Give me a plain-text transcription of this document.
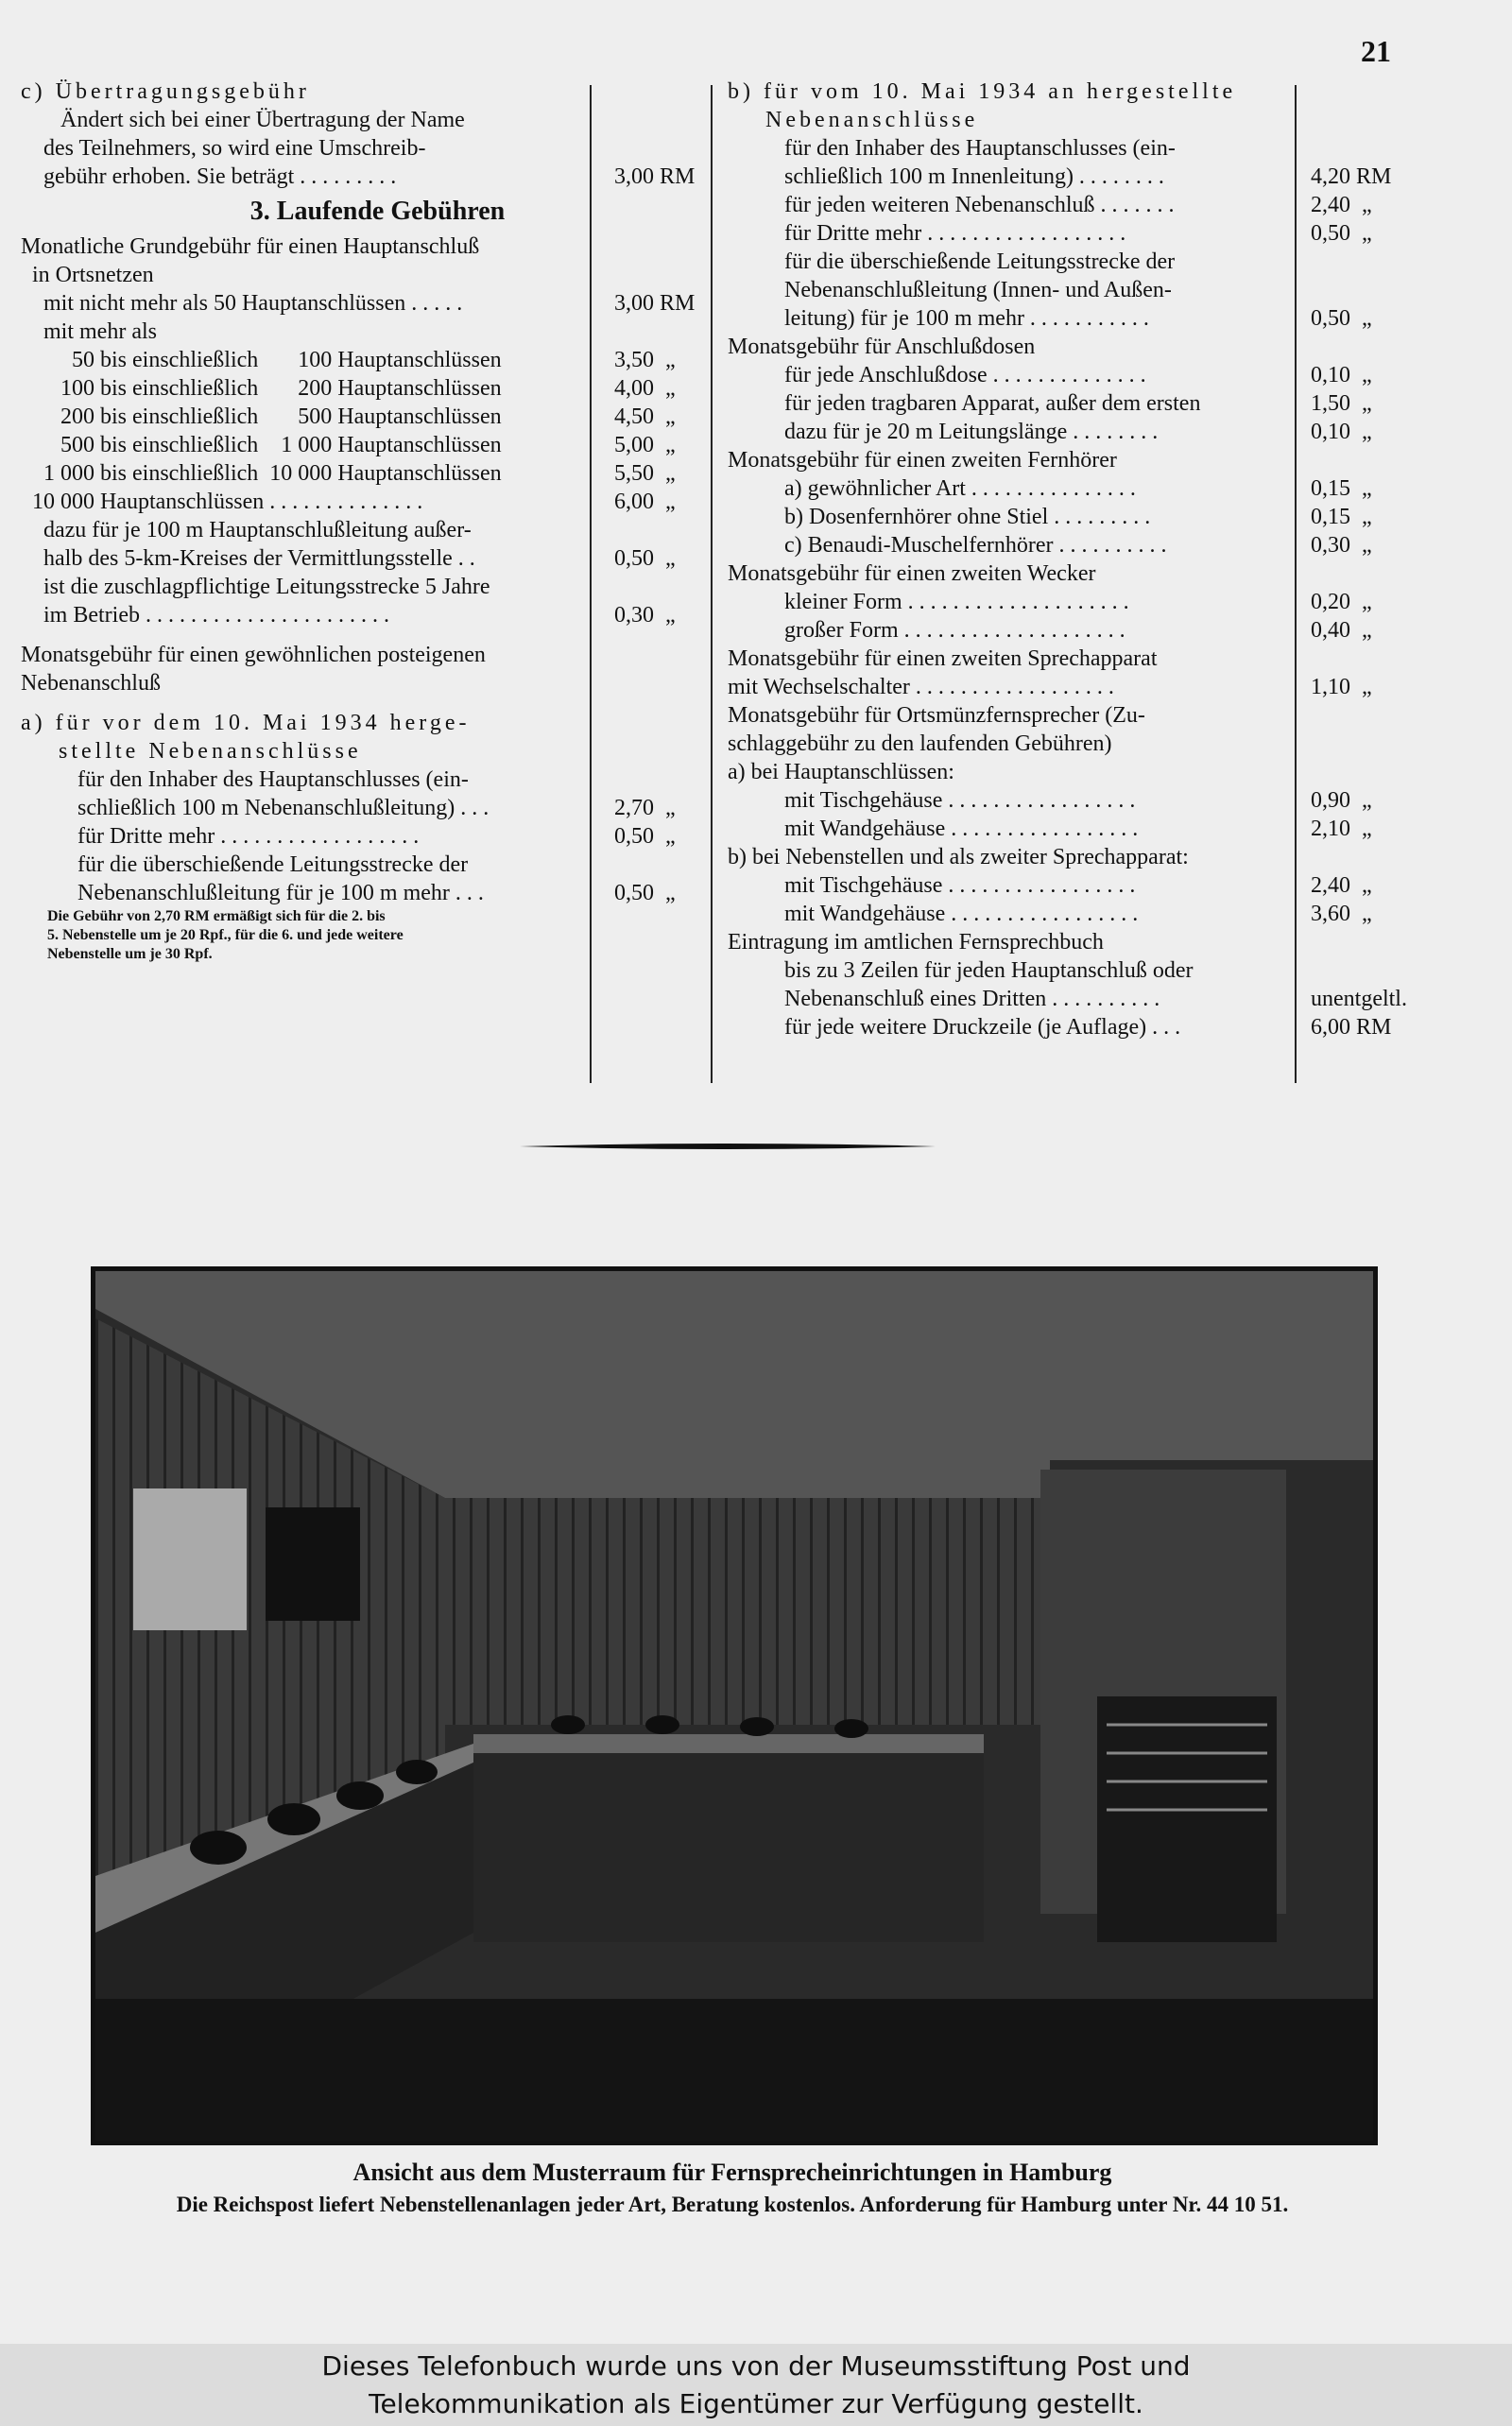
21
c) Übertragungsgebühr
Ändert sich bei einer Übertragung der Name
des Teilnehmers, so wird eine Umschreib-
gebühr erhoben. Sie beträgt . . . . . . . . .	3,00 RM
3. Laufende Gebühren
Monatliche Grundgebühr für einen Hauptanschluß
in Ortsnetzen
mit nicht mehr als 50 Hauptanschlüssen . . . . .	3,00 RM
mit mehr als
50 bis einschließlich       100 Hauptanschlüssen	3,50  „
100 bis einschließlich       200 Hauptanschlüssen	4,00  „
200 bis einschließlich       500 Hauptanschlüssen	4,50  „
500 bis einschließlich    1 000 Hauptanschlüssen	5,00  „
1 000 bis einschließlich  10 000 Hauptanschlüssen	5,50  „
10 000 Hauptanschlüssen . . . . . . . . . . . . . .	6,00  „
dazu für je 100 m Hauptanschlußleitung außer-
halb des 5-km-Kreises der Vermittlungsstelle . .	0,50  „
ist die zuschlagpflichtige Leitungsstrecke 5 Jahre
im Betrieb . . . . . . . . . . . . . . . . . . . . . .	0,30  „
Monatsgebühr für einen gewöhnlichen posteigenen
Nebenanschluß
a) für vor dem 10. Mai 1934 herge-
stellte Nebenanschlüsse
für den Inhaber des Hauptanschlusses (ein-
schließlich 100 m Nebenanschlußleitung) . . .	2,70  „
für Dritte mehr . . . . . . . . . . . . . . . . . .	0,50  „
für die überschießende Leitungsstrecke der
Nebenanschlußleitung für je 100 m mehr . . .	0,50  „
Die Gebühr von 2,70 RM ermäßigt sich für die 2. bis
5. Nebenstelle um je 20 Rpf., für die 6. und jede weitere
Nebenstelle um je 30 Rpf.
b) für vom 10. Mai 1934 an hergestellte
Nebenanschlüsse
für den Inhaber des Hauptanschlusses (ein-
schließlich 100 m Innenleitung) . . . . . . . .	4,20 RM
für jeden weiteren Nebenanschluß . . . . . . .	2,40  „
für Dritte mehr . . . . . . . . . . . . . . . . . .	0,50  „
für die überschießende Leitungsstrecke der
Nebenanschlußleitung (Innen- und Außen-
leitung) für je 100 m mehr . . . . . . . . . . .	0,50  „
Monatsgebühr für Anschlußdosen
für jede Anschlußdose . . . . . . . . . . . . . .	0,10  „
für jeden tragbaren Apparat, außer dem ersten	1,50  „
dazu für je 20 m Leitungslänge . . . . . . . .	0,10  „
Monatsgebühr für einen zweiten Fernhörer
a) gewöhnlicher Art . . . . . . . . . . . . . . .	0,15  „
b) Dosenfernhörer ohne Stiel . . . . . . . . .	0,15  „
c) Benaudi-Muschelfernhörer . . . . . . . . . .	0,30  „
Monatsgebühr für einen zweiten Wecker
kleiner Form . . . . . . . . . . . . . . . . . . . .	0,20  „
großer Form . . . . . . . . . . . . . . . . . . . .	0,40  „
Monatsgebühr für einen zweiten Sprechapparat
mit Wechselschalter . . . . . . . . . . . . . . . . . .	1,10  „
Monatsgebühr für Ortsmünzfernsprecher (Zu-
schlaggebühr zu den laufenden Gebühren)
a) bei Hauptanschlüssen:
mit Tischgehäuse . . . . . . . . . . . . . . . . .	0,90  „
mit Wandgehäuse . . . . . . . . . . . . . . . . .	2,10  „
b) bei Nebenstellen und als zweiter Sprechapparat:
mit Tischgehäuse . . . . . . . . . . . . . . . . .	2,40  „
mit Wandgehäuse . . . . . . . . . . . . . . . . .	3,60  „
Eintragung im amtlichen Fernsprechbuch
bis zu 3 Zeilen für jeden Hauptanschluß oder
Nebenanschluß eines Dritten . . . . . . . . . .	unentgeltl.
für jede weitere Druckzeile (je Auflage) . . .	6,00 RM
Ansicht aus dem Musterraum für Fernsprecheinrichtungen in Hamburg
Die Reichspost liefert Nebenstellenanlagen jeder Art, Beratung kostenlos. Anforderung für Hamburg unter Nr. 44 10 51.
Dieses Telefonbuch wurde uns von der Museumsstiftung Post und
Telekommunikation als Eigentümer zur Verfügung gestellt.
